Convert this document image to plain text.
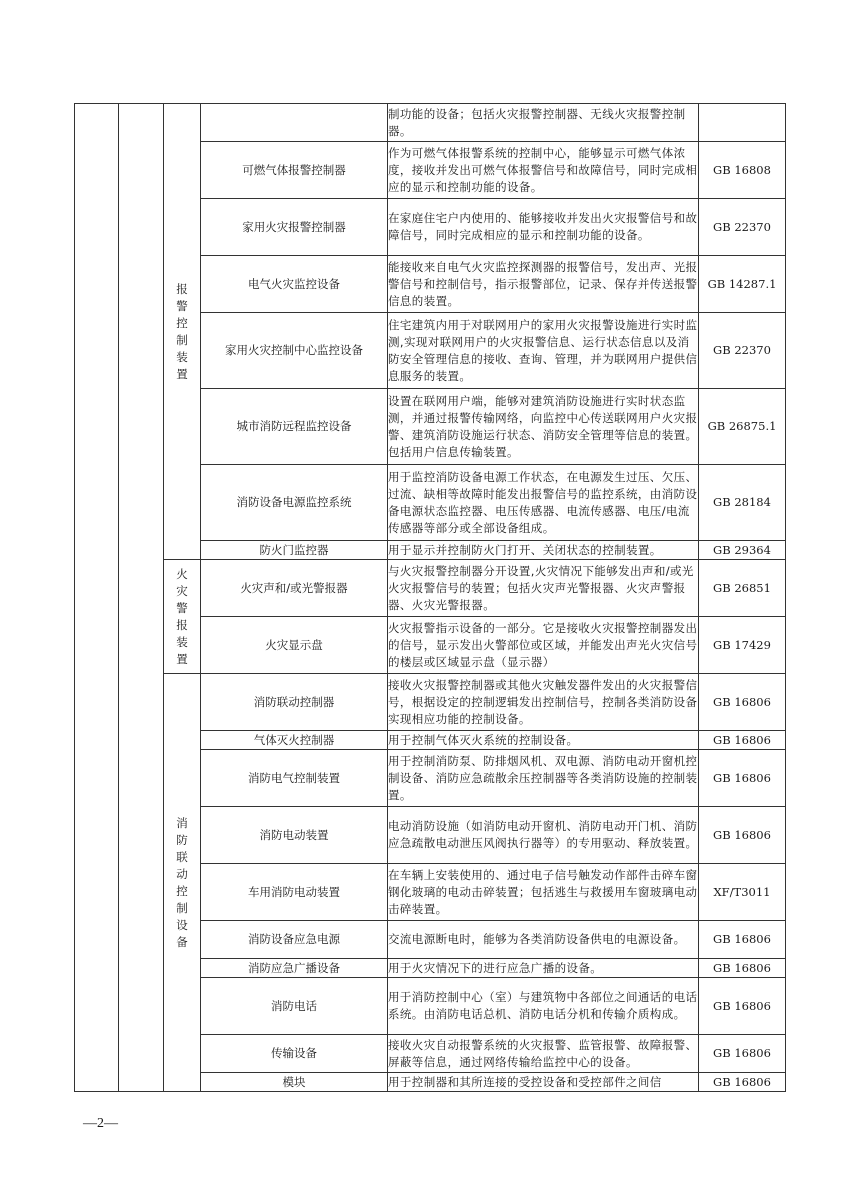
		报警控制装置		制功能的设备；包括火灾报警控制器、无线火灾报警控制器。	
			可燃气体报警控制器	作为可燃气体报警系统的控制中心，能够显示可燃气体浓度，接收并发出可燃气体报警信号和故障信号，同时完成相应的显示和控制功能的设备。	GB 16808
			家用火灾报警控制器	在家庭住宅户内使用的、能够接收并发出火灾报警信号和故障信号，同时完成相应的显示和控制功能的设备。	GB 22370
			电气火灾监控设备	能接收来自电气火灾监控探测器的报警信号，发出声、光报警信号和控制信号，指示报警部位，记录、保存并传送报警信息的装置。	GB 14287.1
			家用火灾控制中心监控设备	住宅建筑内用于对联网用户的家用火灾报警设施进行实时监测,实现对联网用户的火灾报警信息、运行状态信息以及消防安全管理信息的接收、查询、管理，并为联网用户提供信息服务的装置。	GB 22370
			城市消防远程监控设备	设置在联网用户端，能够对建筑消防设施进行实时状态监测，并通过报警传输网络，向监控中心传送联网用户火灾报警、建筑消防设施运行状态、消防安全管理等信息的装置。包括用户信息传输装置。	GB 26875.1
			消防设备电源监控系统	用于监控消防设备电源工作状态，在电源发生过压、欠压、过流、缺相等故障时能发出报警信号的监控系统，由消防设备电源状态监控器、电压传感器、电流传感器、电压/电流传感器等部分或全部设备组成。	GB 28184
			防火门监控器	用于显示并控制防火门打开、关闭状态的控制装置。	GB 29364

		火灾警报装置	火灾声和/或光警报器	与火灾报警控制器分开设置,火灾情况下能够发出声和/或光火灾报警信号的装置；包括火灾声光警报器、火灾声警报器、火灾光警报器。	GB 26851
			火灾显示盘	火灾报警指示设备的一部分。它是接收火灾报警控制器发出的信号，显示发出火警部位或区域，并能发出声光火灾信号的楼层或区域显示盘（显示器）	GB 17429

		消防联动控制设备	消防联动控制器	接收火灾报警控制器或其他火灾触发器件发出的火灾报警信号，根据设定的控制逻辑发出控制信号，控制各类消防设备实现相应功能的控制设备。	GB 16806
			气体灭火控制器	用于控制气体灭火系统的控制设备。	GB 16806
			消防电气控制装置	用于控制消防泵、防排烟风机、双电源、消防电动开窗机控制设备、消防应急疏散余压控制器等各类消防设施的控制装置。	GB 16806
			消防电动装置	电动消防设施（如消防电动开窗机、消防电动开门机、消防应急疏散电动泄压风阀执行器等）的专用驱动、释放装置。	GB 16806
			车用消防电动装置	在车辆上安装使用的、通过电子信号触发动作部件击碎车窗钢化玻璃的电动击碎装置；包括逃生与救援用车窗玻璃电动击碎装置。	XF/T3011
			消防设备应急电源	交流电源断电时，能够为各类消防设备供电的电源设备。	GB 16806
			消防应急广播设备	用于火灾情况下的进行应急广播的设备。	GB 16806
			消防电话	用于消防控制中心（室）与建筑物中各部位之间通话的电话系统。由消防电话总机、消防电话分机和传输介质构成。	GB 16806
			传输设备	接收火灾自动报警系统的火灾报警、监管报警、故障报警、屏蔽等信息，通过网络传输给监控中心的设备。	GB 16806
			模块	用于控制器和其所连接的受控设备和受控部件之间信	GB 16806
—2—
